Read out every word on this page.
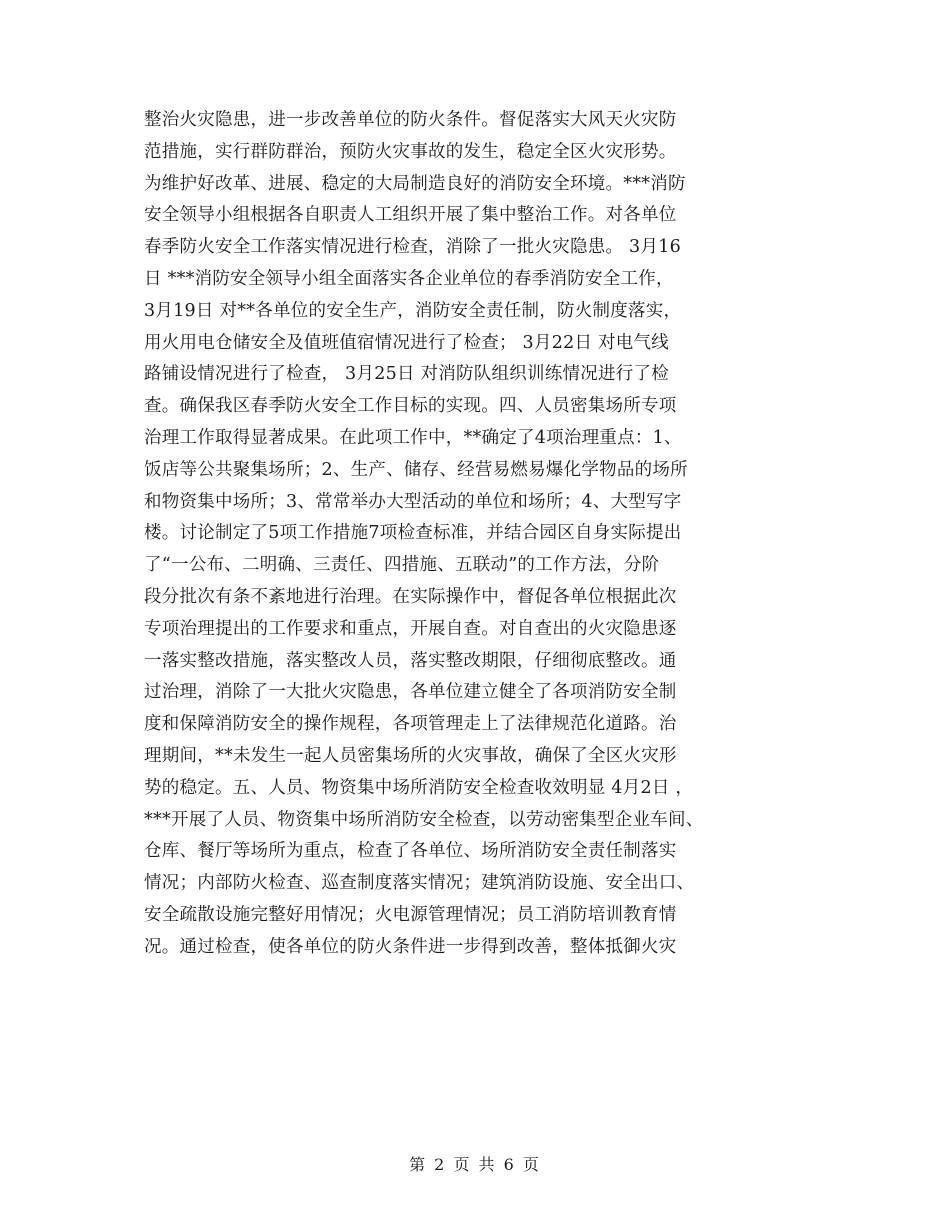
整治火灾隐患，进一步改善单位的防火条件。督促落实大风天火灾防
范措施，实行群防群治，预防火灾事故的发生，稳定全区火灾形势。
为维护好改革、进展、稳定的大局制造良好的消防安全环境。***消防
安全领导小组根据各自职责人工组织开展了集中整治工作。对各单位
春季防火安全工作落实情况进行检查，消除了一批火灾隐患。 3月16
日 ***消防安全领导小组全面落实各企业单位的春季消防安全工作，
3月19日 对**各单位的安全生产，消防安全责任制，防火制度落实，
用火用电仓储安全及值班值宿情况进行了检查； 3月22日 对电气线
路铺设情况进行了检查， 3月25日 对消防队组织训练情况进行了检
查。确保我区春季防火安全工作目标的实现。四、人员密集场所专项
治理工作取得显著成果。在此项工作中，**确定了4项治理重点：1、
饭店等公共聚集场所；2、生产、储存、经营易燃易爆化学物品的场所
和物资集中场所；3、常常举办大型活动的单位和场所；4、大型写字
楼。讨论制定了5项工作措施7项检查标准，并结合园区自身实际提出
了“一公布、二明确、三责任、四措施、五联动”的工作方法，分阶
段分批次有条不紊地进行治理。在实际操作中，督促各单位根据此次
专项治理提出的工作要求和重点，开展自查。对自查出的火灾隐患逐
一落实整改措施，落实整改人员，落实整改期限，仔细彻底整改。通
过治理，消除了一大批火灾隐患，各单位建立健全了各项消防安全制
度和保障消防安全的操作规程，各项管理走上了法律规范化道路。治
理期间，**未发生一起人员密集场所的火灾事故，确保了全区火灾形
势的稳定。五、人员、物资集中场所消防安全检查收效明显 4月2日 ，
***开展了人员、物资集中场所消防安全检查，以劳动密集型企业车间、
仓库、餐厅等场所为重点，检查了各单位、场所消防安全责任制落实
情况；内部防火检查、巡查制度落实情况；建筑消防设施、安全出口、
安全疏散设施完整好用情况；火电源管理情况；员工消防培训教育情
况。通过检查，使各单位的防火条件进一步得到改善，整体抵御火灾
第 2 页 共 6 页
